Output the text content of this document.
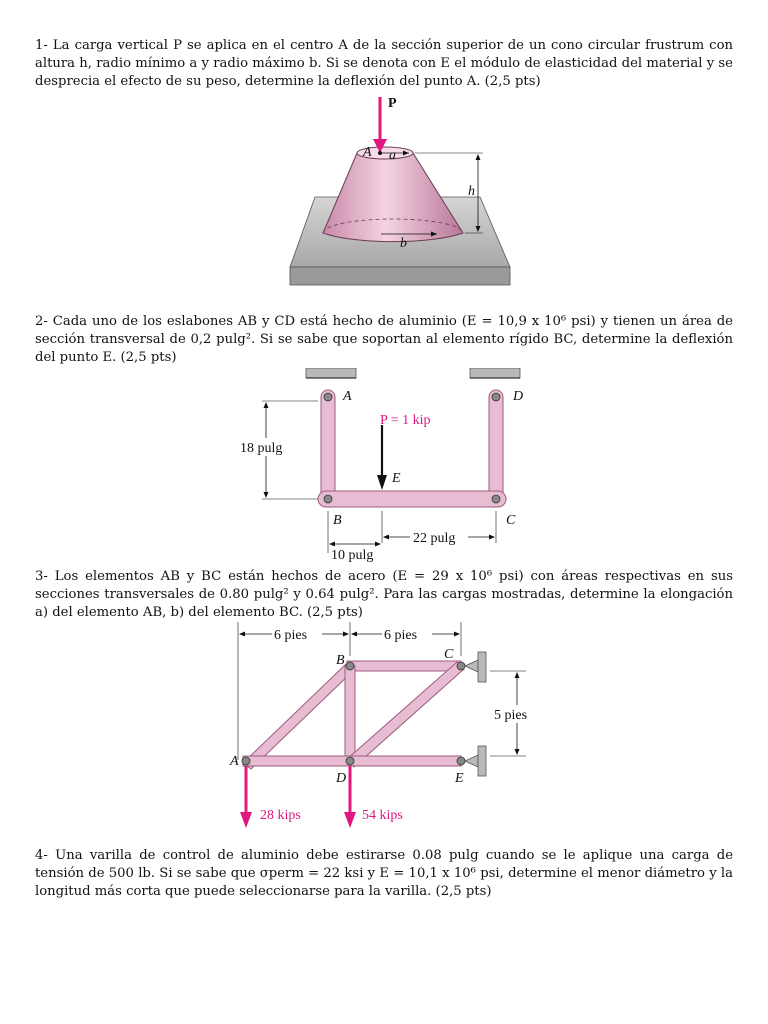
1- La carga vertical P se aplica en el centro A de la sección superior de un cono circular frustrum con altura h, radio mínimo a y radio máximo b. Si se denota con E el módulo de elasticidad del material y se desprecia el efecto de su peso, determine la deflexión del punto A. (2,5 pts)

P
A a
h
b

2- Cada uno de los eslabones AB y CD está hecho de aluminio (E = 10,9 x 10⁶ psi) y tienen un área de sección transversal de 0,2 pulg². Si se sabe que soportan al elemento rígido BC, determine la deflexión del punto E. (2,5 pts)

18 pulg
22 pulg
10 pulg
A	D
B	C
E
P = 1 kip

3- Los elementos AB y BC están hechos de acero (E = 29 x 10⁶ psi) con áreas respectivas en sus secciones transversales de 0.80 pulg² y 0.64 pulg². Para las cargas mostradas, determine la elongación a) del elemento AB, b) del elemento BC. (2,5 pts)

6 pies	6 pies
5 pies
28 kips	54 kips
A
B	C
D	E

4- Una varilla de control de aluminio debe estirarse 0.08 pulg cuando se le aplique una carga de tensión de 500 lb. Si se sabe que σperm = 22 ksi y E = 10,1 x 10⁶ psi, determine el menor diámetro y la longitud más corta que puede seleccionarse para la varilla. (2,5 pts)
